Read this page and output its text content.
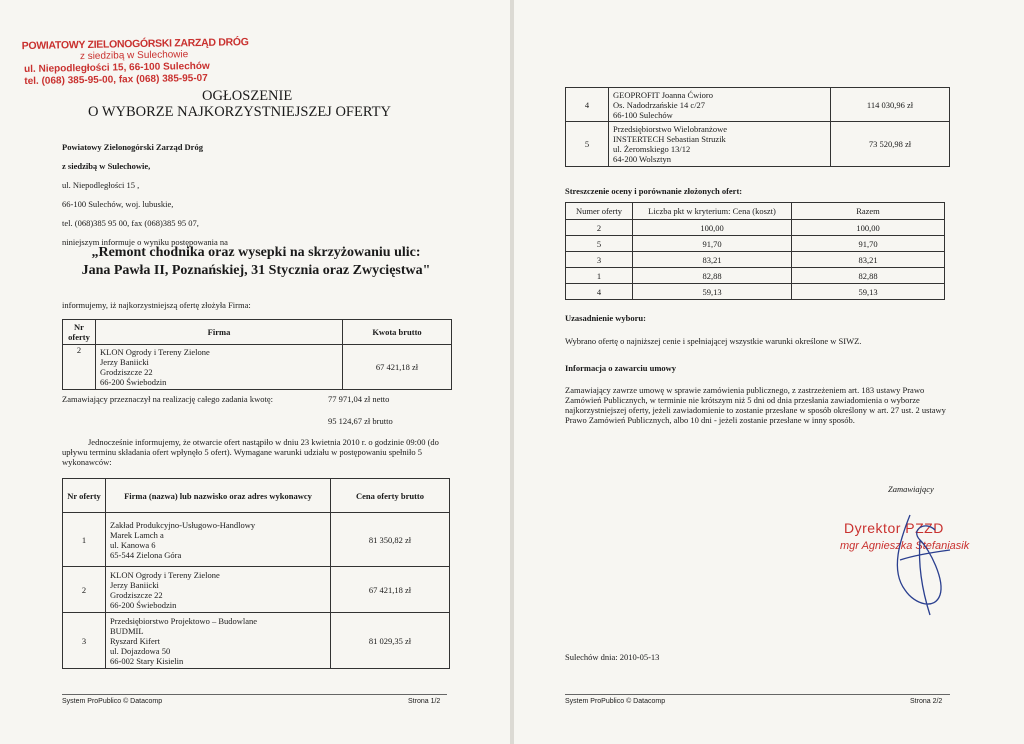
POWIATOWY ZIELONOGÓRSKI ZARZĄD DRÓG
z siedzibą w Sulechowie
ul. Niepodległości 15, 66-100 Sulechów
tel. (068) 385-95-00, fax (068) 385-95-07
OGŁOSZENIE
O WYBORZE NAJKORZYSTNIEJSZEJ OFERTY
Powiatowy Zielonogórski Zarząd Dróg
z siedzibą w Sulechowie,
ul. Niepodległości 15 ,
66-100 Sulechów, woj. lubuskie,
tel. (068)385 95 00, fax (068)385 95 07,
niniejszym informuje o wyniku postępowania na
„Remont chodnika oraz wysepki na skrzyżowaniu ulic:
Jana Pawła II, Poznańskiej, 31 Stycznia oraz Zwycięstwa"
informujemy, iż najkorzystniejszą ofertę złożyła Firma:
Nr oferty	Firma	Kwota brutto
2	KLON Ogrody i Tereny Zielone
Jerzy Baniicki
Grodziszcze 22
66-200 Świebodzin	67 421,18 zł
Zamawiający przeznaczył na realizację całego zadania kwotę:	77 971,04 zł netto
95 124,67 zł brutto
Jednocześnie informujemy, że otwarcie ofert nastąpiło w dniu 23 kwietnia 2010 r. o godzinie 09:00 (do upływu terminu składania ofert wpłynęło 5 ofert). Wymagane warunki udziału w postępowaniu spełniło 5 wykonawców:
Nr oferty	Firma (nazwa) lub nazwisko oraz adres wykonawcy	Cena oferty brutto
1	Zakład Produkcyjno-Usługowo-Handlowy
Marek Lamch a
ul. Kanowa 6
65-544 Zielona Góra	81 350,82 zł
2	KLON Ogrody i Tereny Zielone
Jerzy Baniicki
Grodziszcze 22
66-200 Świebodzin	67 421,18 zł
3	Przedsiębiorstwo Projektowo – Budowlane
BUDMIL
Ryszard Kifert
ul. Dojazdowa 50
66-002 Stary Kisielin	81 029,35 zł
System ProPublico © Datacomp	Strona 1/2
4	GEOPROFIT Joanna Ćwioro
Os. Nadodrzańskie 14 c/27
66-100 Sulechów	114 030,96 zł
5	Przedsiębiorstwo Wielobranżowe
INSTERTECH Sebastian Struzik
ul. Żeromskiego 13/12
64-200 Wolsztyn	73 520,98 zł
Streszczenie oceny i porównanie złożonych ofert:
Numer oferty	Liczba pkt w kryterium: Cena (koszt)	Razem
2	100,00	100,00
5	91,70	91,70
3	83,21	83,21
1	82,88	82,88
4	59,13	59,13
Uzasadnienie wyboru:
Wybrano ofertę o najniższej cenie i spełniającej wszystkie warunki określone w SIWZ.
Informacja o zawarciu umowy
Zamawiający zawrze umowę w sprawie zamówienia publicznego, z zastrzeżeniem art. 183 ustawy Prawo Zamówień Publicznych, w terminie nie krótszym niż 5 dni od dnia przesłania zawiadomienia o wyborze najkorzystniejszej oferty, jeżeli zawiadomienie to zostanie przesłane w sposób określony w art. 27 ust. 2 ustawy Prawo Zamówień Publicznych, albo 10 dni - jeżeli zostanie przesłane w inny sposób.
Zamawiający
Dyrektor PZZD
mgr Agnieszka Stefaniasik
Sulechów dnia: 2010-05-13
System ProPublico © Datacomp	Strona 2/2
